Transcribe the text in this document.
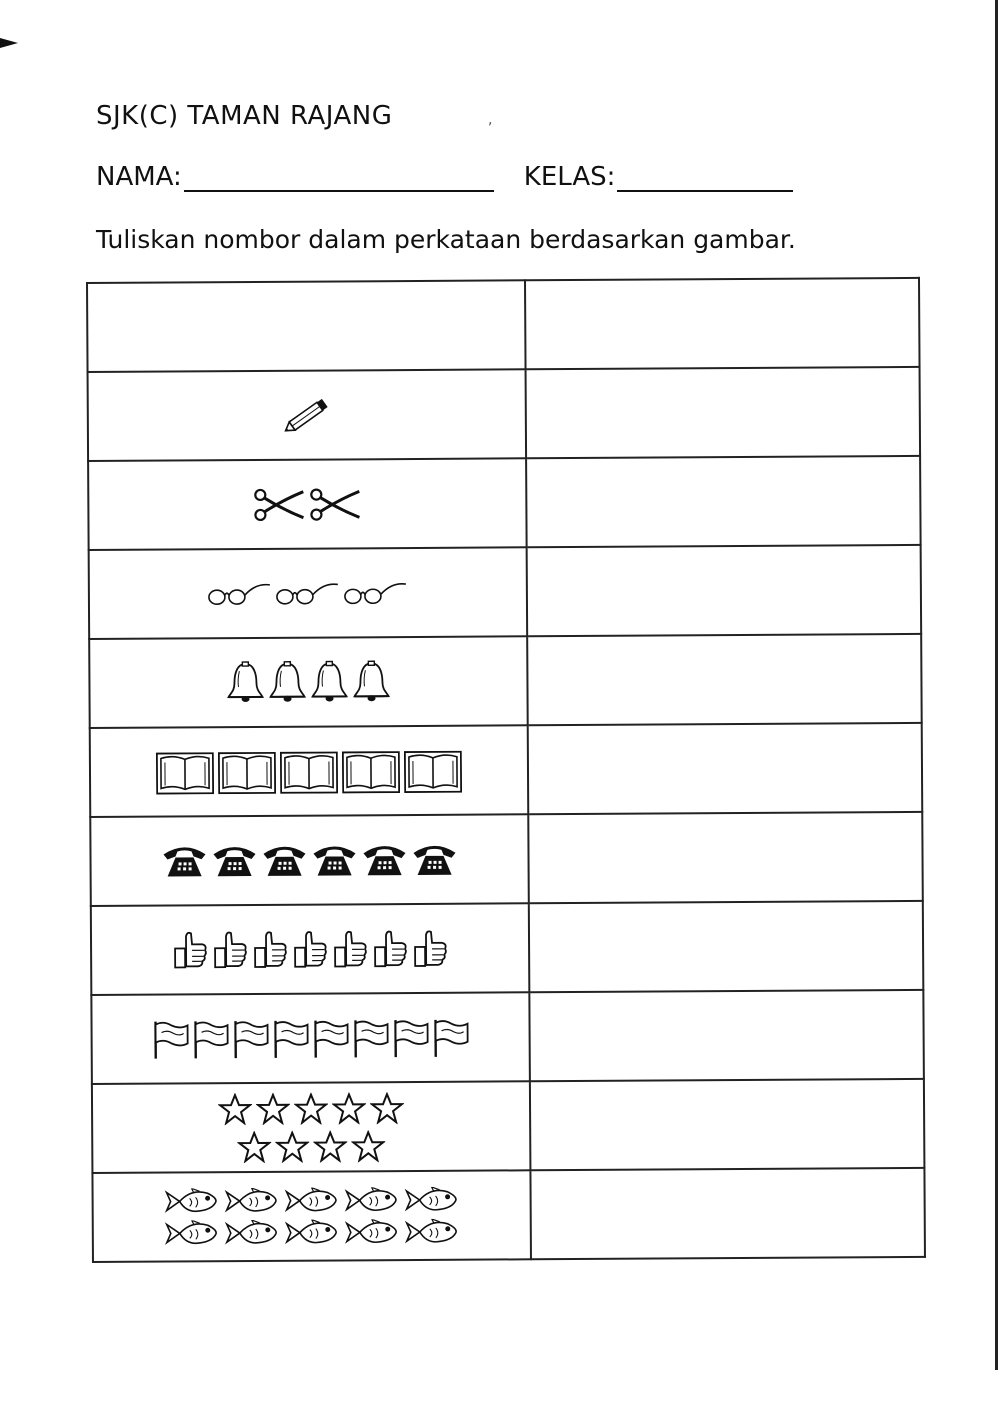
SJK(C) TAMAN RAJANG	,
NAMA:	KELAS:
Tuliskan nombor dalam perkataan berdasarkan gambar.
